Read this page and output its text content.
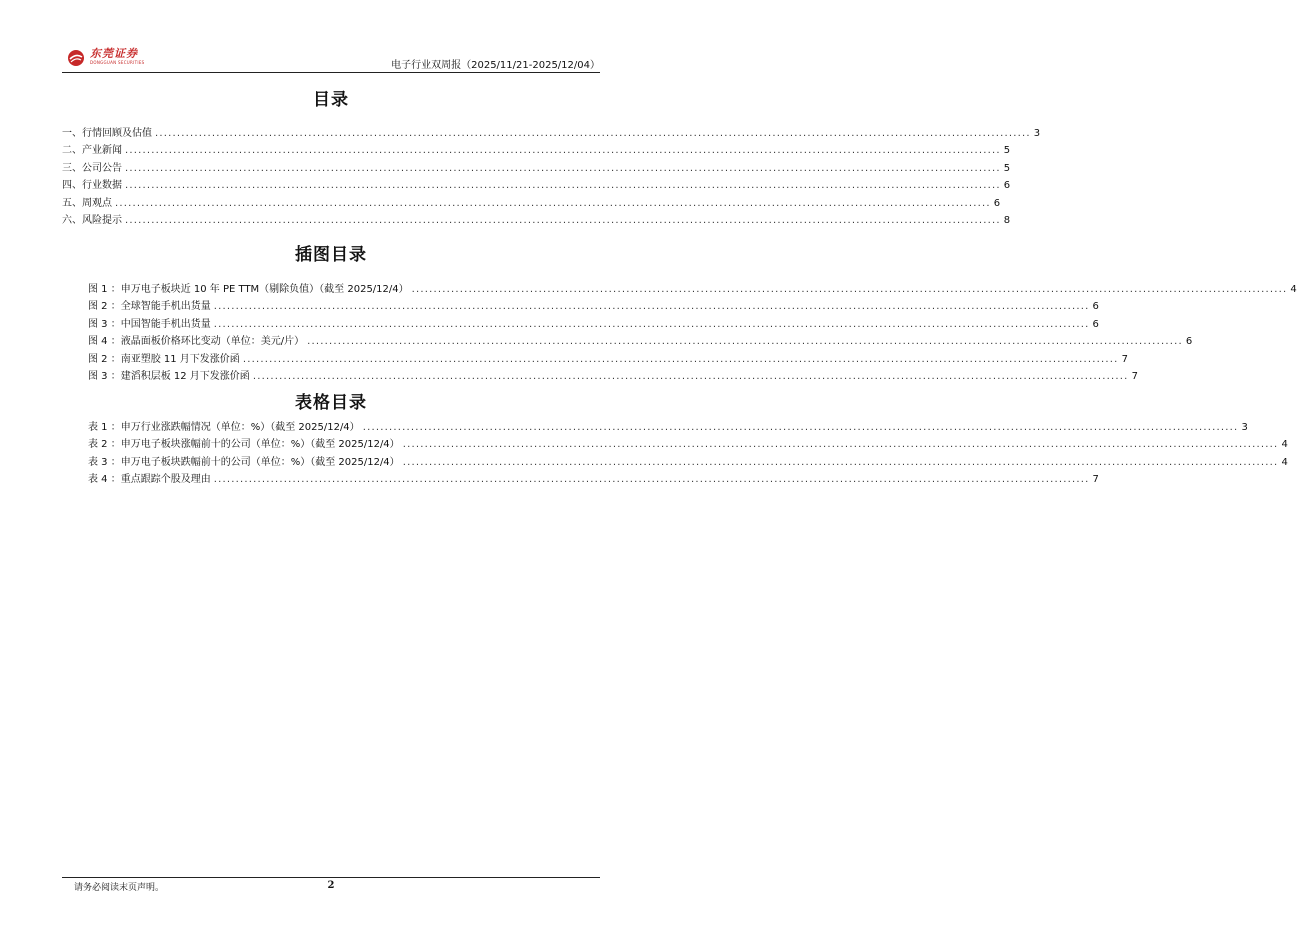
东莞证券
DONGGUAN SECURITIES	电子行业双周报（2025/11/21-2025/12/04）
目录
一、行情回顾及估值 ........................................................................................................................................................................................................ 3
二、产业新闻 ........................................................................................................................................................................................................ 5
三、公司公告 ........................................................................................................................................................................................................ 5
四、行业数据 ........................................................................................................................................................................................................ 6
五、周观点 ........................................................................................................................................................................................................ 6
六、风险提示 ........................................................................................................................................................................................................ 8
插图目录
图 1 ：申万电子板块近 10 年 PE TTM（剔除负值）（截至 2025/12/4） ........................................................................................................................................................................................................ 4
图 2 ：全球智能手机出货量 ........................................................................................................................................................................................................ 6
图 3 ：中国智能手机出货量 ........................................................................................................................................................................................................ 6
图 4 ：液晶面板价格环比变动（单位：美元/片） ........................................................................................................................................................................................................ 6
图 2 ：南亚塑胶 11 月下发涨价函 ........................................................................................................................................................................................................ 7
图 3 ：建滔积层板 12 月下发涨价函 ........................................................................................................................................................................................................ 7
表格目录
表 1 ：申万行业涨跌幅情况（单位：%）（截至 2025/12/4） ........................................................................................................................................................................................................ 3
表 2 ：申万电子板块涨幅前十的公司（单位：%）（截至 2025/12/4） ........................................................................................................................................................................................................ 4
表 3 ：申万电子板块跌幅前十的公司（单位：%）（截至 2025/12/4） ........................................................................................................................................................................................................ 4
表 4 ：重点跟踪个股及理由 ........................................................................................................................................................................................................ 7
请务必阅读末页声明。	2
